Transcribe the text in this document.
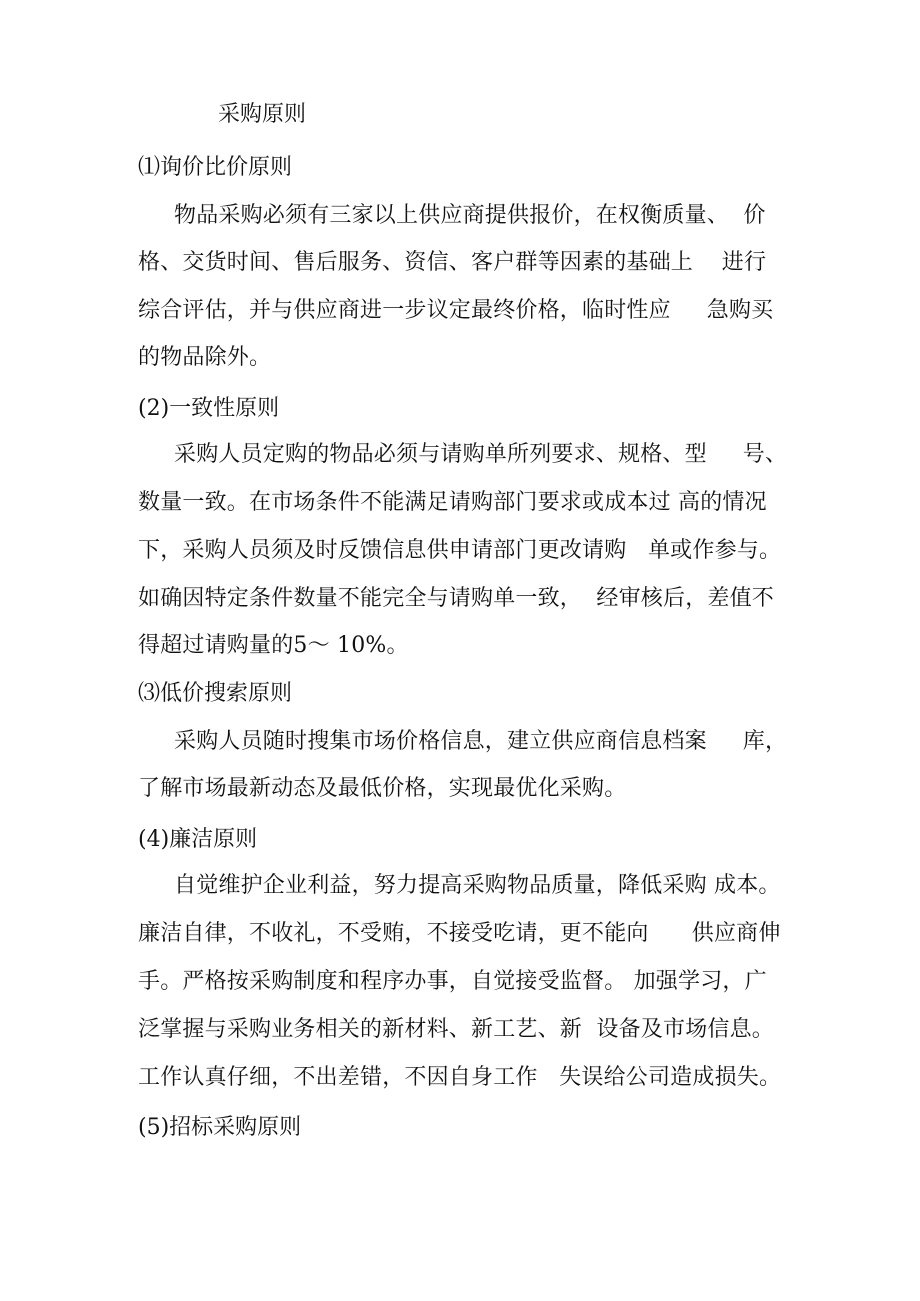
采购原则
⑴询价比价原则
物品采购必须有三家以上供应商提供报价，在权衡质量、  价
格、交货时间、售后服务、资信、客户群等因素的基础上    进行
综合评估，并与供应商进一步议定最终价格，临时性应     急购买
的物品除外。
(2)一致性原则
采购人员定购的物品必须与请购单所列要求、规格、型     号、
数量一致。在市场条件不能满足请购部门要求或成本过 高的情况
下，采购人员须及时反馈信息供申请部门更改请购   单或作参与。
如确因特定条件数量不能完全与请购单一致，  经审核后，差值不
得超过请购量的5～ 10%。
⑶低价搜索原则
采购人员随时搜集市场价格信息，建立供应商信息档案     库，
了解市场最新动态及最低价格，实现最优化采购。
(4)廉洁原则
自觉维护企业利益，努力提高采购物品质量，降低采购 成本。
廉洁自律，不收礼，不受贿，不接受吃请，更不能向      供应商伸
手。严格按采购制度和程序办事，自觉接受监督。 加强学习，广
泛掌握与采购业务相关的新材料、新工艺、新  设备及市场信息。
工作认真仔细，不出差错，不因自身工作   失误给公司造成损失。
(5)招标采购原则
